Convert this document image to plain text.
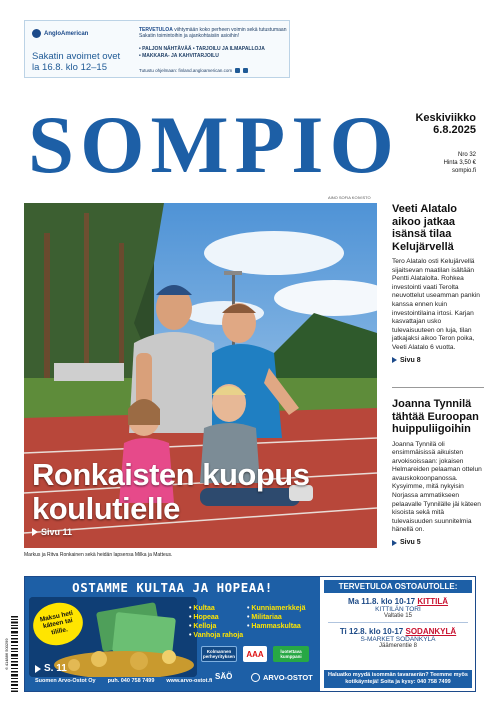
AngloAmerican
Sakatin avoimet ovet
la 16.8. klo 12–15
TERVETULOA viihtymään koko perheen voimin sekä tutustumaan Sakatin toimintoihin ja ajankohtaisiin asioihin!
• PALJON NÄHTÄVÄÄ • TARJOILU JA ILMAPALLOJA
• MAKKARA- JA KAHVITARJOILU
Tutustu ohjelmaan: finland.angloamerican.com
SOMPIO Keskiviikko
6.8.2025
Nro 32
Hinta 3,50 €
sompio.fi
AINO SOFIA KOIVISTO
Ronkaisten kuopus
koulutielle
Sivu 11
Markus ja Ritva Ronkainen sekä heidän lapsensa Milka ja Matteus.
Veeti Alatalo aikoo jatkaa isänsä tilaa Kelujärvellä

Tero Alatalo osti Kelujärvellä sijaitsevan maatilan isältään Pentti Alatalolta. Rohkea investointi vaati Terolta neuvottelut useamman pankin kanssa ennen kuin investointilaina irtosi. Karjan kasvattajan usko tulevaisuuteen on luja, tilan jatkajaksi aikoo Teron poika, Veeti Alatalo 6 vuotta.

Sivu 8
Joanna Tynnilä tähtää Euroopan huippuliigoihin

Joanna Tynnilä oli ensimmäisissä aikuisten arvokisoissaan: jokaisen Helmareiden pelaaman ottelun avauskokoonpanossa. Kysyimme, mitä nykyisin Norjassa ammatikseen pelaavalle Tynnilälle jäi käteen kisoista sekä mitä tulevaisuuden suunnitelmia hänellä on.

Sivu 5
6 414886 500299
OSTAMME KULTAA JA HOPEAA!
Maksu heti käteen tai tilille.
S. 11
• Kultaa
• Hopeaa
• Kelloja
• Vanhoja rahoja
• Kunniamerkkejä
• Militariaa
• Hammaskultaa
Kolmannen perheyrityksen	AAA	luotettava kumppani
Suomen Arvo-Ostot Oy puh. 040 758 7499 www.arvo-ostot.fi SÄÖ	ARVO-OSTOT
TERVETULOA OSTOAUTOLLE:
Ma 11.8. klo 10-17 KITTILÄ
KITTILÄN TORI
Valtatie 15
Ti 12.8. klo 10-17 SODANKYLÄ
S-MARKET SODANKYLÄ
Jäämerentie 8
Haluatko myydä isommän tavaraerän? Teemme myös kotikäyntejä! Soita ja kysy: 040 758 7499
